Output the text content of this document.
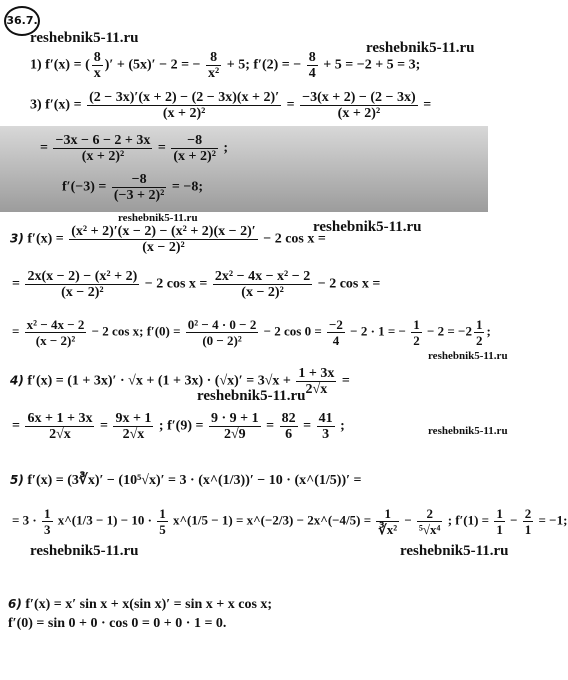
36.7.
reshebnik5-11.ru
reshebnik5-11.ru
reshebnik5-11.ru
reshebnik5-11.ru
reshebnik5-11.ru
reshebnik5-11.ru
reshebnik5-11.ru
reshebnik5-11.ru	reshebnik5-11.ru
1) f′(x) = ( $\frac{8}{x}$ )′ + (5x)′ − 2 = − $\frac{8}{\text{x²}} + 5$; f′(2) = − $\frac{8}{4} + 5 = -2 + 5 = 3$;
3) $f'(x) = \frac{(2 - 3x)'(x + 2) - (2 - 3x)(x + 2)'}{\text{(x + 2)²}} = \frac{-3(x + 2) - (2 - 3x)}{\text{(x + 2)²}}$ =
= $\frac{-3x - 6 - 2 + 3x}{\text{(x + 2)²}} = \frac{-8}{\text{(x + 2)²}}$ ;
$f'(-3) = \frac{-8}{\text{(−3 + 2)²}} = -8$;
3) $f'(x) = \frac{\text{(x² + 2)′(x − 2) − (x² + 2)(x − 2)′}}{\text{(x − 2)²}} - 2$ cos x =
= $\frac{\text{2x(x − 2) − (x² + 2)}}{\text{(x − 2)²}} - 2$ $\cos x = \frac{\text{2x² − 4x − x² − 2}}{\text{(x − 2)²}} - 2$ cos x =
= $\frac{\text{x² − 4x − 2}}{\text{(x − 2)²}} - 2$ cos x; $f'(0) = \frac{\text{0² − 4 · 0 − 2}}{\text{(0 − 2)²}} - 2$ $\cos 0 = \frac{-2}{4} - 2 \cdot 1$ = − $\frac{1}{2} - 2 = -2 \frac{1}{2}$ ;
4) $f'(x) = (1 + 3x)' \cdot √x + (1 + 3x) \cdot (√x)' = 3√x + \frac{1 + 3x}{2√x}$ =
= $\frac{6x + 1 + 3x}{2√x} = \frac{9x + 1}{2√x}$ ; $f'(9) = \frac{9 \cdot 9 + 1}{2√9} = \frac{82}{6} = \frac{41}{3}$ ;
5) f′(x) = (3∛x)′ − (10⁵√x)′ = 3 · (x^(1/3))′ − 10 · (x^(1/5))′ =
= $3 \cdot \frac{1}{3}$ x^(1/3 − $1) - 10 \cdot \frac{1}{5}$ x^(1/5 − 1) = x^(−2/3) − 2x^(−4/5) = $\frac{1}{\text{∛x²}} - \frac{2}{\text{⁵√x⁴}}$ ; $f'(1) = \frac{1}{1} - \frac{2}{1} = -1$;
6) f′(x) = x′ sin x + x(sin x)′ = sin x + x cos x;
f′(0) = sin 0 + 0 · cos 0 = 0 + 0 · 1 = 0.
